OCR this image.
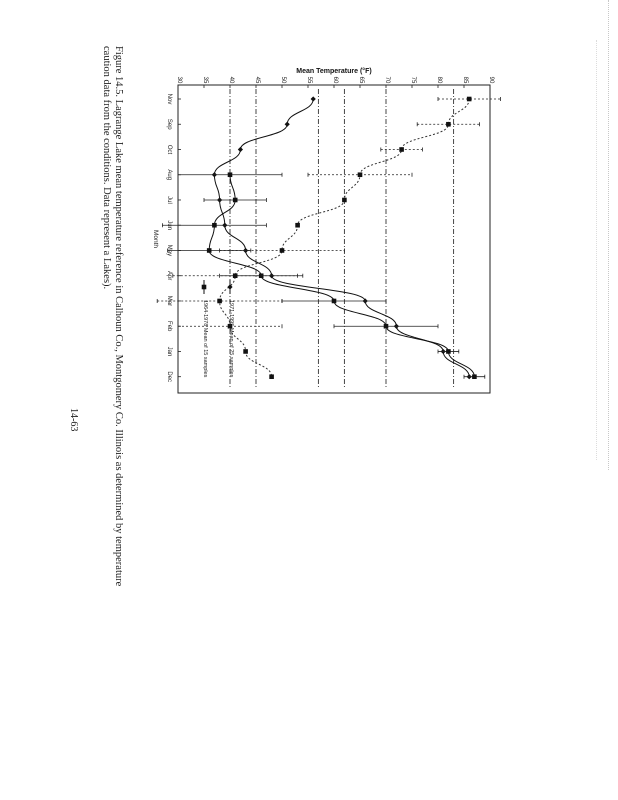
30	35	40	45	50	55	60	65	70	75	80	85	90
Mean Temperature (°F)
Nov
Sep
Oct
Aug
Jul
Jun
May
Apr
Mar
Feb
Jan
Dec
Month
1971-1995 Mean of 25 samples
1964-1978 Mean of 15 samples
Figure 14.5. Lagrange Lake mean temperature reference in Calhoun Co., Montgomery Co. Illinois as determined by temperature
caution data from the conditions. Data represent a Lakes).
14-63
